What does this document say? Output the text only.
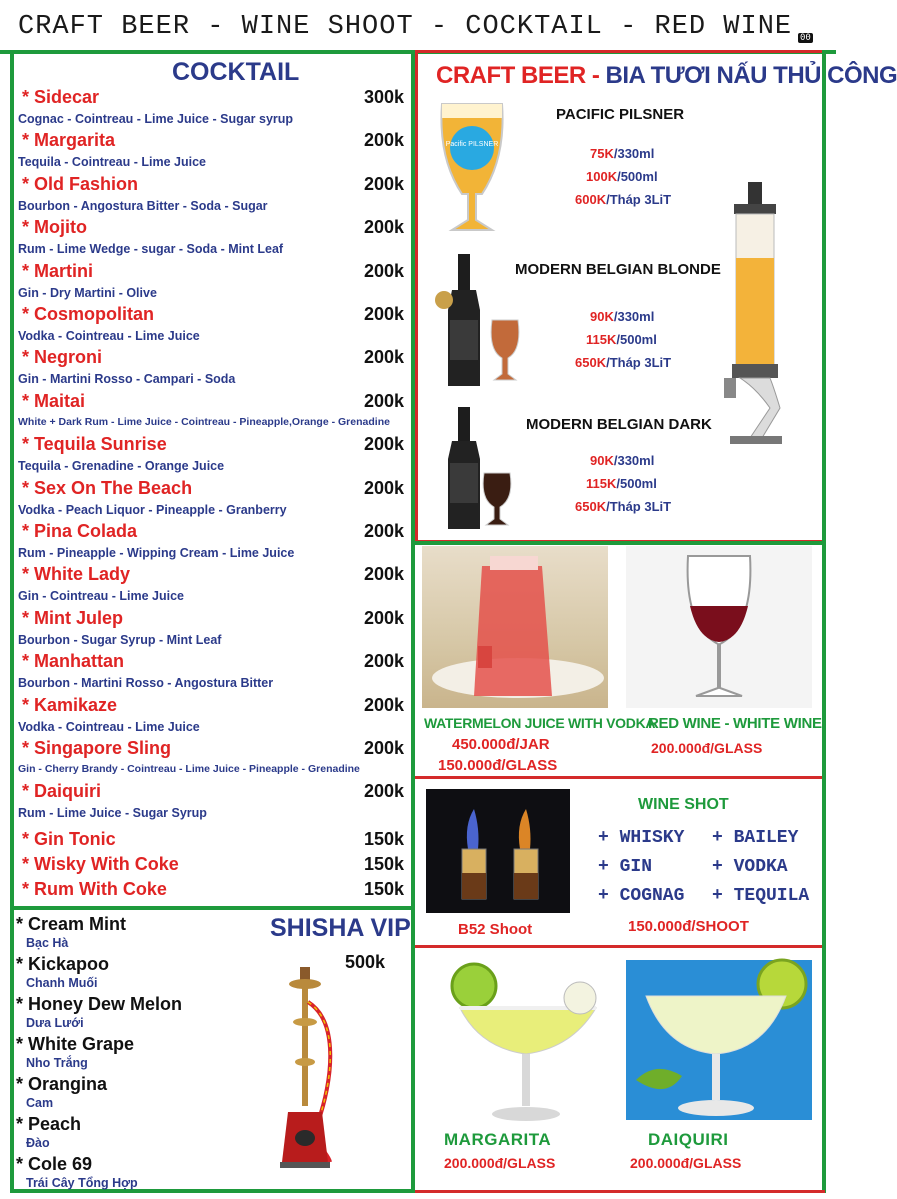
CRAFT BEER - WINE SHOOT - COCKTAIL - RED WINE 00
COCKTAIL
* Sidecar	300k
Cognac - Cointreau - Lime Juice - Sugar syrup
* Margarita	200k
Tequila - Cointreau - Lime Juice
* Old Fashion	200k
Bourbon - Angostura Bitter - Soda - Sugar
* Mojito	200k
Rum - Lime Wedge - sugar - Soda - Mint Leaf
* Martini	200k
Gin - Dry Martini - Olive
* Cosmopolitan	200k
Vodka - Cointreau - Lime Juice
* Negroni	200k
Gin - Martini Rosso - Campari - Soda
* Maitai	200k
White + Dark Rum - Lime Juice - Cointreau - Pineapple,Orange - Grenadine
* Tequila Sunrise	200k
Tequila - Grenadine - Orange Juice
* Sex On The Beach	200k
Vodka - Peach Liquor - Pineapple - Granberry
* Pina Colada	200k
Rum - Pineapple - Wipping Cream - Lime Juice
* White Lady	200k
Gin - Cointreau - Lime Juice
* Mint Julep	200k
Bourbon - Sugar Syrup - Mint Leaf
* Manhattan	200k
Bourbon - Martini Rosso - Angostura Bitter
* Kamikaze	200k
Vodka - Cointreau - Lime Juice
* Singapore Sling	200k
Gin - Cherry Brandy - Cointreau - Lime Juice - Pineapple - Grenadine
* Daiquiri	200k
Rum - Lime Juice - Sugar Syrup
* Gin Tonic	150k
* Wisky With Coke	150k
* Rum With Coke	150k
SHISHA VIP
500k
* Cream Mint
Bạc Hà
* Kickapoo
Chanh Muối
* Honey Dew Melon
Dưa Lưới
* White Grape
Nho Trắng
* Orangina
Cam
* Peach
Đào
* Cole 69
Trái Cây Tổng Hợp
CRAFT BEER - BIA TƯƠI NẤU THỦ CÔNG
Pacific PILSNER
PACIFIC PILSNER
75K/330ml
100K/500ml
600K/Tháp 3LiT
MODERN BELGIAN BLONDE
90K/330ml
115K/500ml
650K/Tháp 3LiT
MODERN BELGIAN DARK
90K/330ml
115K/500ml
650K/Tháp 3LiT
WATERMELON JUICE WITH VODKA
450.000đ/JAR
150.000đ/GLASS
RED WINE - WHITE WINE
200.000đ/GLASS
B52 Shoot
WINE SHOT
+ WHISKY + BAILEY
+ GIN	+ VODKA
+ COGNAG + TEQUILA
150.000đ/SHOOT
MARGARITA
200.000đ/GLASS
DAIQUIRI
200.000đ/GLASS
